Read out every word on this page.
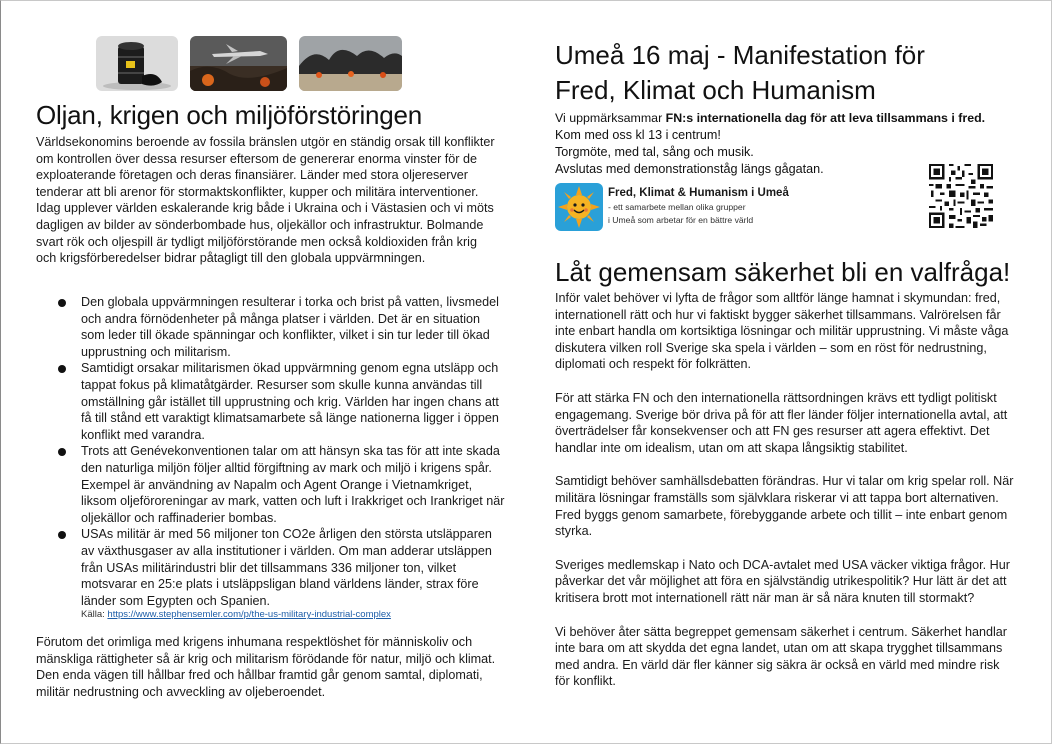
Oljan, krigen och miljöförstöringen
Världsekonomins beroende av fossila bränslen utgör en ständig orsak till konflikter om kontrollen över dessa resurser eftersom de genererar enorma vinster för de exploaterande företagen och deras finansiärer. Länder med stora oljereserver tenderar att bli arenor för stormaktskonflikter, kupper och militära interventioner. Idag upplever världen eskalerande krig både i Ukraina och i Västasien och vi möts dagligen av bilder av sönderbombade hus, oljekällor och infrastruktur. Bolmande svart rök och oljespill är tydligt miljöförstörande men också koldioxiden från krig och krigsförberedelser bidrar påtagligt till den globala uppvärmningen.
Den globala uppvärmningen resulterar i torka och brist på vatten, livsmedel och andra förnödenheter på många platser i världen. Det är en situation som leder till ökade spänningar och konflikter, vilket i sin tur leder till ökad upprustning och militarism.
Samtidigt orsakar militarismen ökad uppvärmning genom egna utsläpp och tappat fokus på klimatåtgärder. Resurser som skulle kunna användas till omställning går istället till upprustning och krig. Världen har ingen chans att få till stånd ett varaktigt klimatsamarbete så länge nationerna ligger i öppen konflikt med varandra.
Trots att Genévekonventionen talar om att hänsyn ska tas för att inte skada den naturliga miljön följer alltid förgiftning av mark och miljö i krigens spår. Exempel är användning av Napalm och Agent Orange i Vietnamkriget, liksom oljeföroreningar av mark, vatten och luft i Irakkriget och Irankriget när oljekällor och raffinaderier bombas.
USAs militär är med 56 miljoner ton CO2e årligen den största utsläpparen av växthusgaser av alla institutioner i världen. Om man adderar utsläppen från USAs militärindustri blir det tillsammans 336 miljoner ton, vilket motsvarar en 25:e plats i utsläppsligan bland världens länder, strax före länder som Egypten och Spanien.
Källa: https://www.stephensemler.com/p/the-us-military-industrial-complex
Förutom det orimliga med krigens inhumana respektlöshet för människoliv och mänskliga rättigheter så är krig och militarism förödande för natur, miljö och klimat. Den enda vägen till hållbar fred och hållbar framtid går genom samtal, diplomati, militär nedrustning och avveckling av oljeberoendet.
Umeå 16 maj - Manifestation för
Fred, Klimat och Humanism
Vi uppmärksammar FN:s internationella dag för att leva tillsammans i fred.
Kom med oss kl 13 i centrum!
Torgmöte, med tal, sång och musik.
Avslutas med demonstrationståg längs gågatan.
Fred, Klimat & Humanism i Umeå
- ett samarbete mellan olika grupper
i Umeå som arbetar för en bättre värld
Låt gemensam säkerhet bli en valfråga!

Inför valet behöver vi lyfta de frågor som alltför länge hamnat i skymundan: fred, internationell rätt och hur vi faktiskt bygger säkerhet tillsammans. Valrörelsen får inte enbart handla om kortsiktiga lösningar och militär upprustning. Vi måste våga diskutera vilken roll Sverige ska spela i världen – som en röst för nedrustning, diplomati och respekt för folkrätten.

För att stärka FN och den internationella rättsordningen krävs ett tydligt politiskt engagemang. Sverige bör driva på för att fler länder följer internationella avtal, att överträdelser får konsekvenser och att FN ges resurser att agera effektivt. Det handlar inte om idealism, utan om att skapa långsiktig stabilitet.

Samtidigt behöver samhällsdebatten förändras. Hur vi talar om krig spelar roll. När militära lösningar framställs som självklara riskerar vi att tappa bort alternativen. Fred byggs genom samarbete, förebyggande arbete och tillit – inte enbart genom styrka.

Sveriges medlemskap i Nato och DCA-avtalet med USA väcker viktiga frågor. Hur påverkar det vår möjlighet att föra en självständig utrikespolitik? Hur lätt är det att kritisera brott mot internationell rätt när man är så nära knuten till stormakt?

Vi behöver åter sätta begreppet gemensam säkerhet i centrum. Säkerhet handlar inte bara om att skydda det egna landet, utan om att skapa trygghet tillsammans med andra. En värld där fler känner sig säkra är också en värld med mindre risk för konflikt.
